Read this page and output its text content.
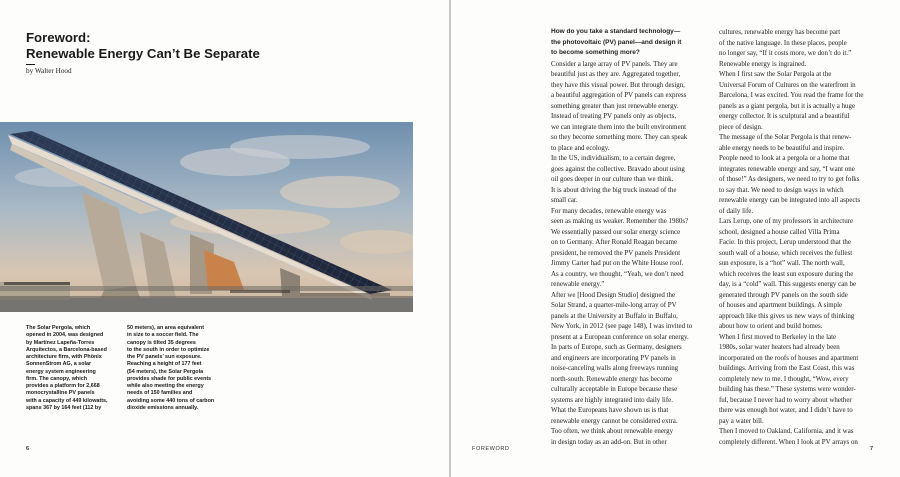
Foreword:
Renewable Energy Can’t Be Separate
by Walter Hood

The Solar Pergola, which

opened in 2004, was designed

by Martínez Lapeña-Torres

Arquitectos, a Barcelona-based

architecture firm, with Phönix

SonnenStrom AG, a solar

energy system engineering

firm. The canopy, which

provides a platform for 2,668

monocrystalline PV panels

with a capacity of 449 kilowatts,

spans 367 by 164 feet (112 by

50 meters), an area equivalent

in size to a soccer field. The

canopy is tilted 35 degrees

to the south in order to optimize

the PV panels’ sun exposure.

Reaching a height of 177 feet

(54 meters), the Solar Pergola

provides shade for public events

while also meeting the energy

needs of 150 families and

avoiding some 440 tons of carbon

dioxide emissions annually.

6

How do you take a standard technology—

the photovoltaic (PV) panel—and design it

to become something more?

Consider a large array of PV panels. They are

beautiful just as they are. Aggregated together,

they have this visual power. But through design,

a beautiful aggregation of PV panels can express

something greater than just renewable energy.

Instead of treating PV panels only as objects,

we can integrate them into the built environment

so they become something more. They can speak

to place and ecology.

In the US, individualism, to a certain degree,

goes against the collective. Bravado about using

oil goes deeper in our culture than we think.

It is about driving the big truck instead of the

small car.

For many decades, renewable energy was

seen as making us weaker. Remember the 1980s?

We essentially passed our solar energy science

on to Germany. After Ronald Reagan became

president, he removed the PV panels President

Jimmy Carter had put on the White House roof.

As a country, we thought, “Yeah, we don’t need

renewable energy.”

After we [Hood Design Studio] designed the

Solar Strand, a quarter-mile-long array of PV

panels at the University at Buffalo in Buffalo,

New York, in 2012 (see page 148), I was invited to

present at a European conference on solar energy.

In parts of Europe, such as Germany, designers

and engineers are incorporating PV panels in

noise-canceling walls along freeways running

north-south. Renewable energy has become

culturally acceptable in Europe because these

systems are highly integrated into daily life.

What the Europeans have shown us is that

renewable energy cannot be considered extra.

Too often, we think about renewable energy

in design today as an add-on. But in other

cultures, renewable energy has become part

of the native language. In these places, people

no longer say, “If it costs more, we don’t do it.”

Renewable energy is ingrained.

When I first saw the Solar Pergola at the

Universal Forum of Cultures on the waterfront in

Barcelona, I was excited. You read the frame for the

panels as a giant pergola, but it is actually a huge

energy collector. It is sculptural and a beautiful

piece of design.

The message of the Solar Pergola is that renew-

able energy needs to be beautiful and inspire.

People need to look at a pergola or a home that

integrates renewable energy and say, “I want one

of those!” As designers, we need to try to get folks

to say that. We need to design ways in which

renewable energy can be integrated into all aspects

of daily life.

Lars Lerup, one of my professors in architecture

school, designed a house called Villa Prima

Facie. In this project, Lerup understood that the

south wall of a house, which receives the fullest

sun exposure, is a “hot” wall. The north wall,

which receives the least sun exposure during the

day, is a “cold” wall. This suggests energy can be

generated through PV panels on the south side

of houses and apartment buildings. A simple

approach like this gives us new ways of thinking

about how to orient and build homes.

When I first moved to Berkeley in the late

1980s, solar water heaters had already been

incorporated on the roofs of houses and apartment

buildings. Arriving from the East Coast, this was

completely new to me. I thought, “Wow, every

building has these.” These systems were wonder-

ful, because I never had to worry about whether

there was enough hot water, and I didn’t have to

pay a water bill.

Then I moved to Oakland, California, and it was

completely different. When I look at PV arrays on

FOREWORD	7
